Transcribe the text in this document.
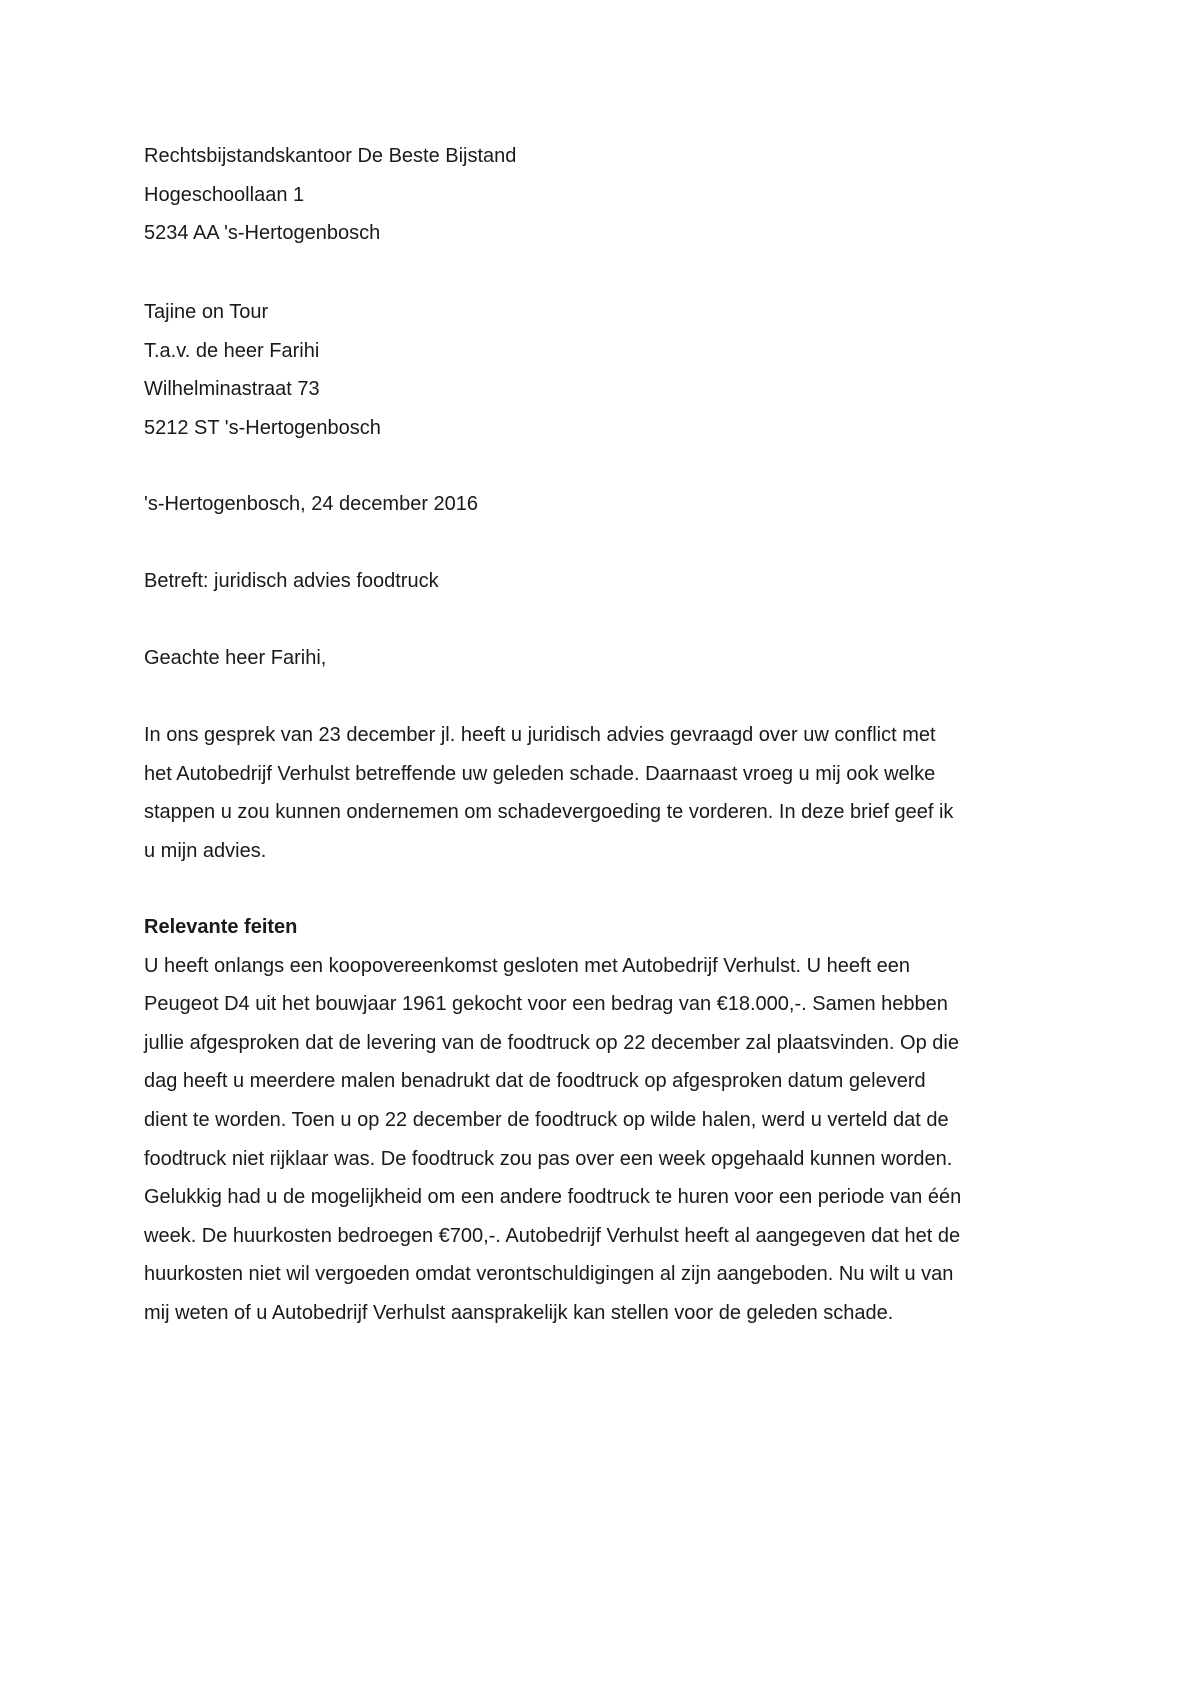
Rechtsbijstandskantoor De Beste Bijstand
Hogeschoollaan 1
5234 AA 's-Hertogenbosch
Tajine on Tour
T.a.v. de heer Farihi
Wilhelminastraat 73
5212 ST 's-Hertogenbosch
's-Hertogenbosch, 24 december 2016
Betreft: juridisch advies foodtruck
Geachte heer Farihi,
In ons gesprek van 23 december jl. heeft u juridisch advies gevraagd over uw conflict met
het Autobedrijf Verhulst betreffende uw geleden schade. Daarnaast vroeg u mij ook welke
stappen u zou kunnen ondernemen om schadevergoeding te vorderen. In deze brief geef ik
u mijn advies.
Relevante feiten
U heeft onlangs een koopovereenkomst gesloten met Autobedrijf Verhulst. U heeft een
Peugeot D4 uit het bouwjaar 1961 gekocht voor een bedrag van €18.000,-. Samen hebben
jullie afgesproken dat de levering van de foodtruck op 22 december zal plaatsvinden. Op die
dag heeft u meerdere malen benadrukt dat de foodtruck op afgesproken datum geleverd
dient te worden. Toen u op 22 december de foodtruck op wilde halen, werd u verteld dat de
foodtruck niet rijklaar was. De foodtruck zou pas over een week opgehaald kunnen worden.
Gelukkig had u de mogelijkheid om een andere foodtruck te huren voor een periode van één
week. De huurkosten bedroegen €700,-. Autobedrijf Verhulst heeft al aangegeven dat het de
huurkosten niet wil vergoeden omdat verontschuldigingen al zijn aangeboden. Nu wilt u van
mij weten of u Autobedrijf Verhulst aansprakelijk kan stellen voor de geleden schade.
